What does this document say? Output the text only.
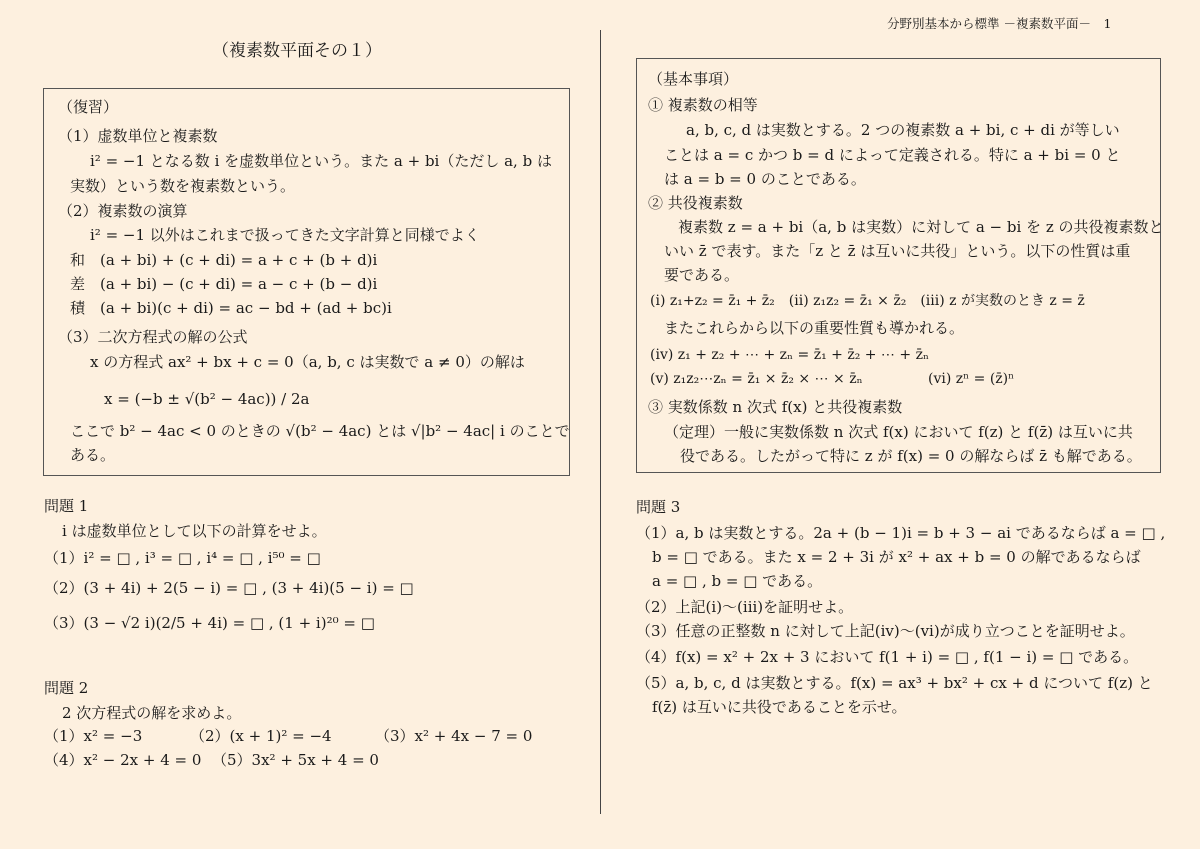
分野別基本から標準 －複素数平面－　1
（複素数平面その１）
（復習）
（1）虚数単位と複素数
i² = −1 となる数 i を虚数単位という。また a + bi（ただし a, b は
実数）という数を複素数という。
（2）複素数の演算
i² = −1 以外はこれまで扱ってきた文字計算と同様でよく
和　(a + bi) + (c + di) = a + c + (b + d)i
差　(a + bi) − (c + di) = a − c + (b − d)i
積　(a + bi)(c + di) = ac − bd + (ad + bc)i
（3）二次方程式の解の公式
x の方程式 ax² + bx + c = 0（a, b, c は実数で a ≠ 0）の解は
x = (−b ± √(b² − 4ac)) / 2a
ここで b² − 4ac < 0 のときの √(b² − 4ac) とは √|b² − 4ac| i のことで
ある。
問題 1
i は虚数単位として以下の計算をせよ。
（1）i² = □ , i³ = □ , i⁴ = □ , i⁵⁰ = □
（2）(3 + 4i) + 2(5 − i) = □ , (3 + 4i)(5 − i) = □
（3）(3 − √2 i)(2/5 + 4i) = □ , (1 + i)²⁰ = □
問題 2
2 次方程式の解を求めよ。
（1）x² = −3	（2）(x + 1)² = −4	（3）x² + 4x − 7 = 0
（4）x² − 2x + 4 = 0 （5）3x² + 5x + 4 = 0
（基本事項）
① 複素数の相等
a, b, c, d は実数とする。2 つの複素数 a + bi, c + di が等しい
ことは a = c かつ b = d によって定義される。特に a + bi = 0 と
は a = b = 0 のことである。
② 共役複素数
複素数 z = a + bi（a, b は実数）に対して a − bi を z の共役複素数と
いい z̄ で表す。また「z と z̄ は互いに共役」という。以下の性質は重
要である。
(i) z₁+z₂ = z̄₁ + z̄₂　(ii) z₁z₂ = z̄₁ × z̄₂　(iii) z が実数のとき z = z̄
またこれらから以下の重要性質も導かれる。
(iv) z₁ + z₂ + ⋯ + zₙ = z̄₁ + z̄₂ + ⋯ + z̄ₙ
(v) z₁z₂⋯zₙ = z̄₁ × z̄₂ × ⋯ × z̄ₙ	(vi) zⁿ = (z̄)ⁿ
③ 実数係数 n 次式 f(x) と共役複素数
（定理）一般に実数係数 n 次式 f(x) において f(z) と f(z̄) は互いに共
役である。したがって特に z が f(x) = 0 の解ならば z̄ も解である。
問題 3
（1）a, b は実数とする。2a + (b − 1)i = b + 3 − ai であるならば a = □ ,
b = □ である。また x = 2 + 3i が x² + ax + b = 0 の解であるならば
a = □ , b = □ である。
（2）上記(i)～(iii)を証明せよ。
（3）任意の正整数 n に対して上記(iv)～(vi)が成り立つことを証明せよ。
（4）f(x) = x² + 2x + 3 において f(1 + i) = □ , f(1 − i) = □ である。
（5）a, b, c, d は実数とする。f(x) = ax³ + bx² + cx + d について f(z) と
f(z̄) は互いに共役であることを示せ。
